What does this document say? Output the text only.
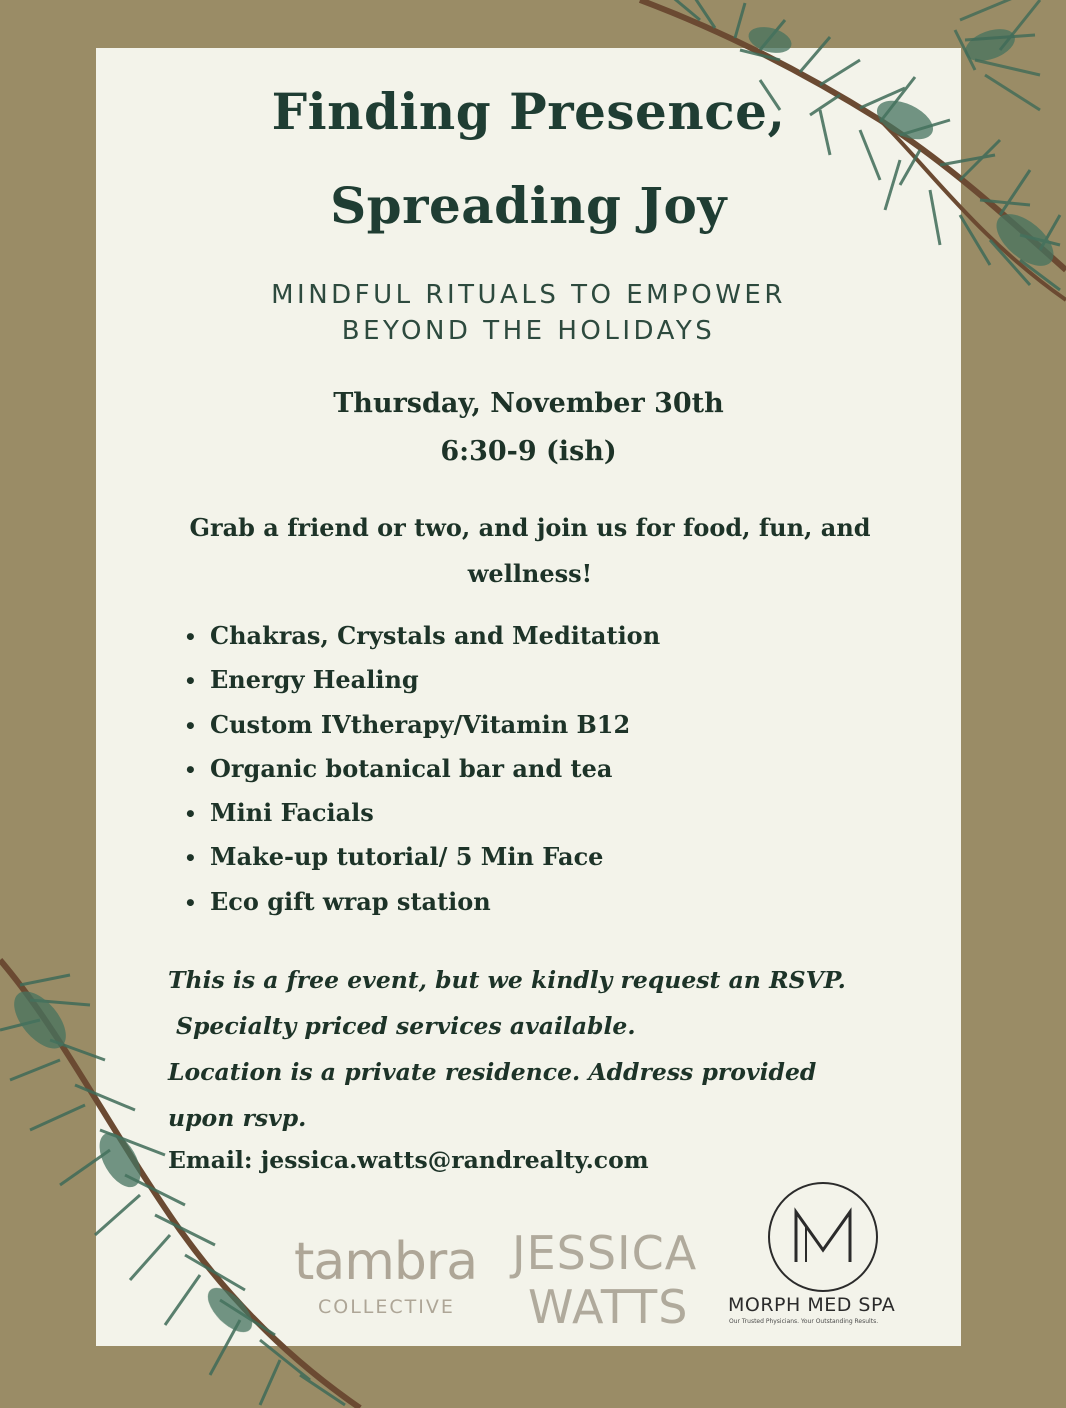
Finding Presence,
Spreading Joy
MINDFUL RITUALS TO EMPOWER
BEYOND THE HOLIDAYS
Thursday, November 30th
6:30-9 (ish)
Grab a friend or two, and join us for food, fun, and
wellness!
• Chakras, Crystals and Meditation
• Energy Healing
• Custom IVtherapy/Vitamin B12
• Organic botanical bar and tea
• Mini Facials
• Make-up tutorial/ 5 Min Face
• Eco gift wrap station
This is a free event, but we kindly request an RSVP.
Specialty priced services available.
Location is a private residence. Address provided
upon rsvp.
Email: jessica.watts@randrealty.com
tambra
COLLECTIVE
JESSICA
WATTS MORPH MED SPA
Our Trusted Physicians. Your Outstanding Results.
